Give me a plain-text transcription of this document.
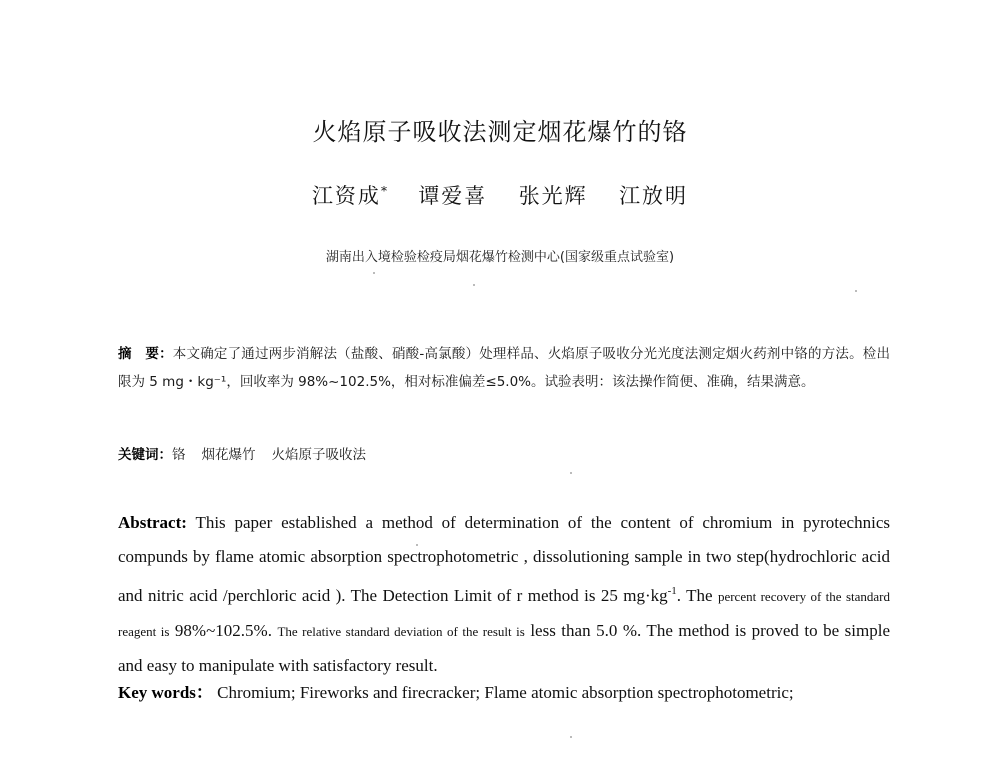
火焰原子吸收法测定烟花爆竹的铬
江资成* 谭爱喜 张光辉 江放明
湖南出入境检验检疫局烟花爆竹检测中心(国家级重点试验室)
摘　要：本文确定了通过两步消解法（盐酸、硝酸-高氯酸）处理样品、火焰原子吸收分光光度法测定烟火药剂中铬的方法。检出限为 5 mg・kg⁻¹，回收率为 98%~102.5%，相对标准偏差≤5.0%。试验表明：该法操作简便、准确，结果满意。
关键词：铬 烟花爆竹 火焰原子吸收法
Abstract: This paper established a method of determination of the content of chromium in pyrotechnics compunds by flame atomic absorption spectrophotometric , dissolutioning sample in two step(hydrochloric acid and nitric acid /perchloric acid ). The Detection Limit of r method is 25 $mg\cdot kg^{-1}$. The percent recovery of the standard reagent is 98%~102.5%. The relative standard deviation of the result is less than 5.0 %. The method is proved to be simple and easy to manipulate with satisfactory result.
Key words： Chromium; Fireworks and firecracker; Flame atomic absorption spectrophotometric;
